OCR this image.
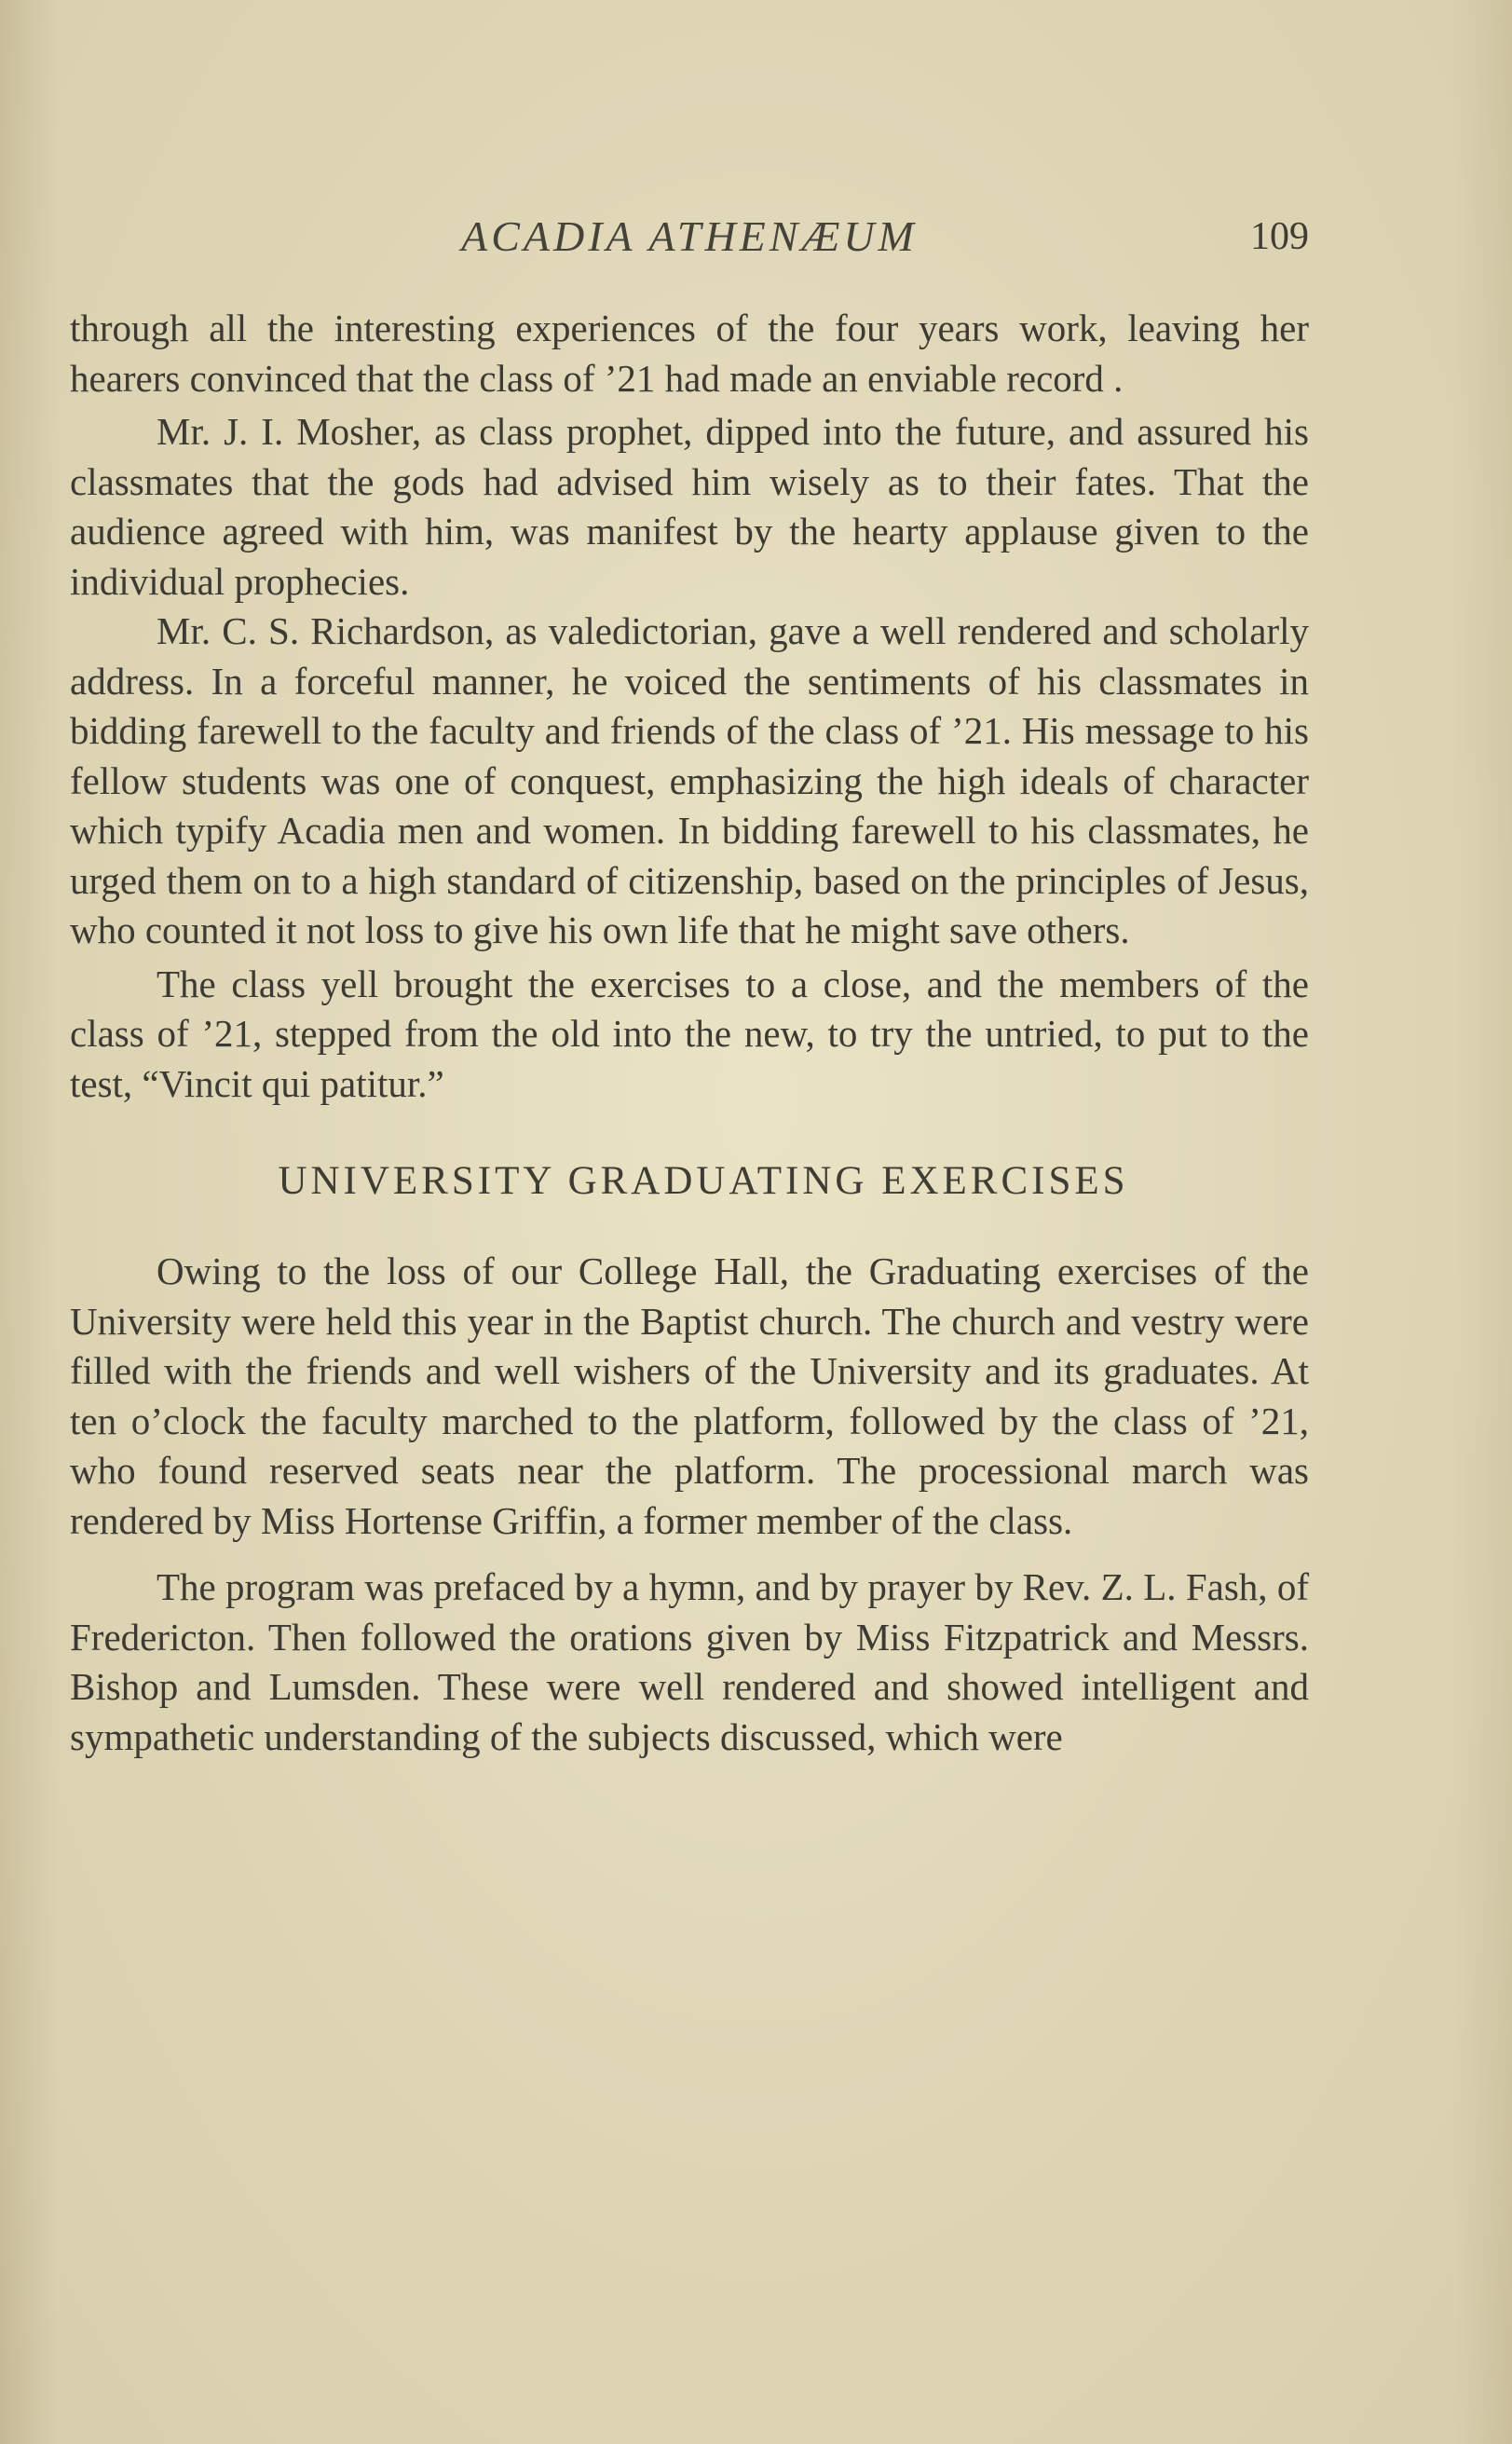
ACADIA ATHENÆUM	109

through all the interesting experiences of the four years work, leaving her hearers convinced that the class of ’21 had made an enviable record .

Mr. J. I. Mosher, as class prophet, dipped into the future, and assured his classmates that the gods had advised him wisely as to their fates. That the audience agreed with him, was manifest by the hearty applause given to the individual prophecies.

Mr. C. S. Richardson, as valedictorian, gave a well rendered and scholarly address. In a forceful manner, he voiced the sentiments of his classmates in bidding farewell to the faculty and friends of the class of ’21. His message to his fellow students was one of conquest, emphasizing the high ideals of character which typify Acadia men and women. In bidding farewell to his classmates, he urged them on to a high standard of citizenship, based on the principles of Jesus, who counted it not loss to give his own life that he might save others.

The class yell brought the exercises to a close, and the members of the class of ’21, stepped from the old into the new, to try the untried, to put to the test, “Vincit qui patitur.”

UNIVERSITY GRADUATING EXERCISES

Owing to the loss of our College Hall, the Graduating exercises of the University were held this year in the Baptist church. The church and vestry were filled with the friends and well wishers of the University and its graduates. At ten o’clock the faculty marched to the platform, followed by the class of ’21, who found reserved seats near the platform. The processional march was rendered by Miss Hortense Griffin, a former member of the class.

The program was prefaced by a hymn, and by prayer by Rev. Z. L. Fash, of Fredericton. Then followed the orations given by Miss Fitzpatrick and Messrs. Bishop and Lumsden. These were well rendered and showed intelligent and sympathetic understanding of the subjects discussed, which were
